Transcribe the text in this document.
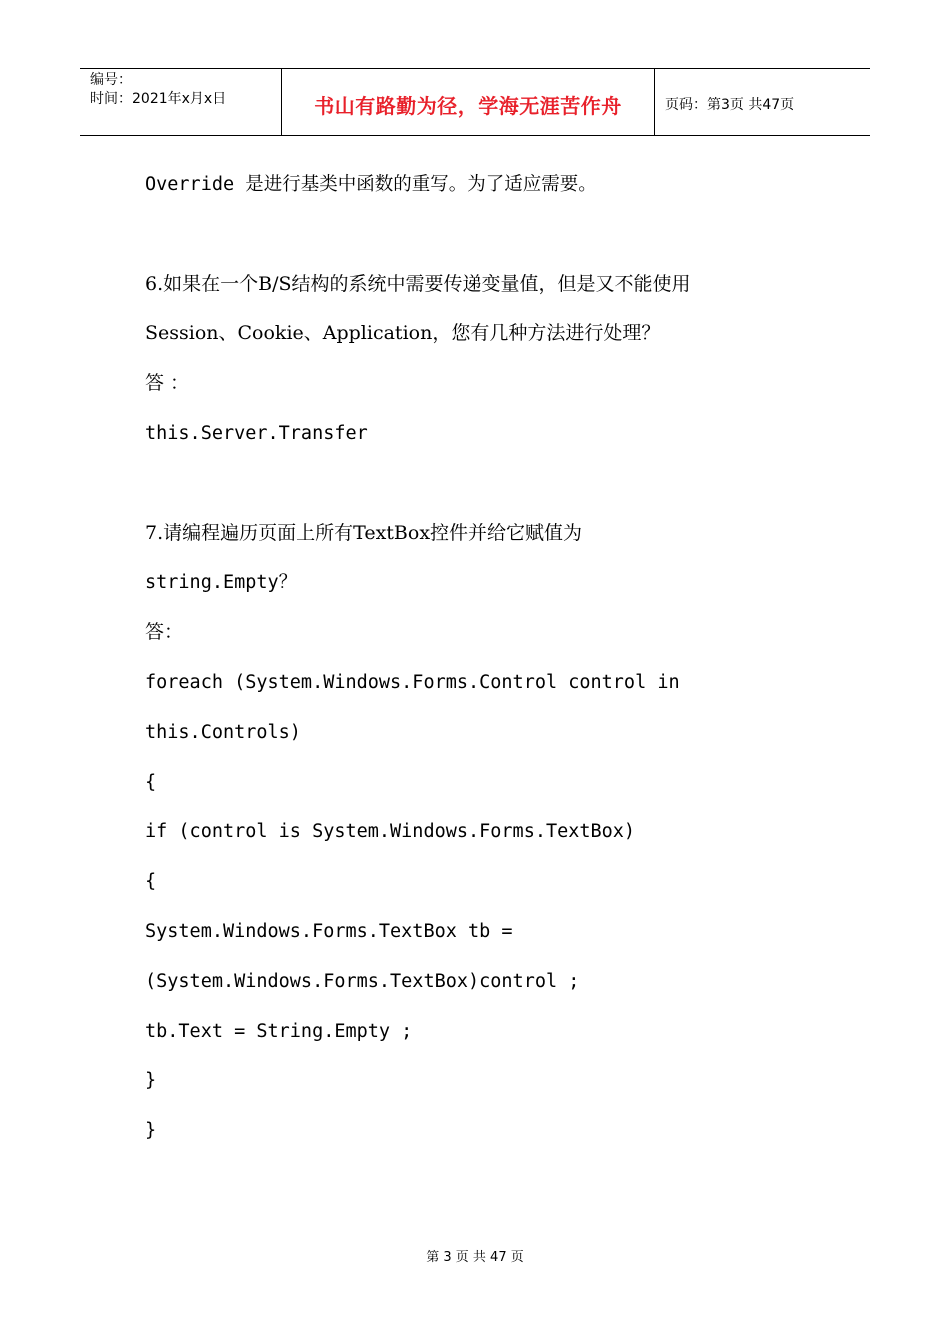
编号：
时间：2021年x月x日	书山有路勤为径，学海无涯苦作舟	页码：第3页 共47页
Override 是进行基类中函数的重写。为了适应需要。
6.如果在一个B/S结构的系统中需要传递变量值，但是又不能使用
Session、Cookie、Application，您有几种方法进行处理？
答 ：
this.Server.Transfer
7.请编程遍历页面上所有TextBox控件并给它赋值为
string.Empty？
答：
foreach (System.Windows.Forms.Control control in
this.Controls)
{
if (control is System.Windows.Forms.TextBox)
{
System.Windows.Forms.TextBox tb =
(System.Windows.Forms.TextBox)control ;
tb.Text = String.Empty ;
}
}
第 3 页 共 47 页
